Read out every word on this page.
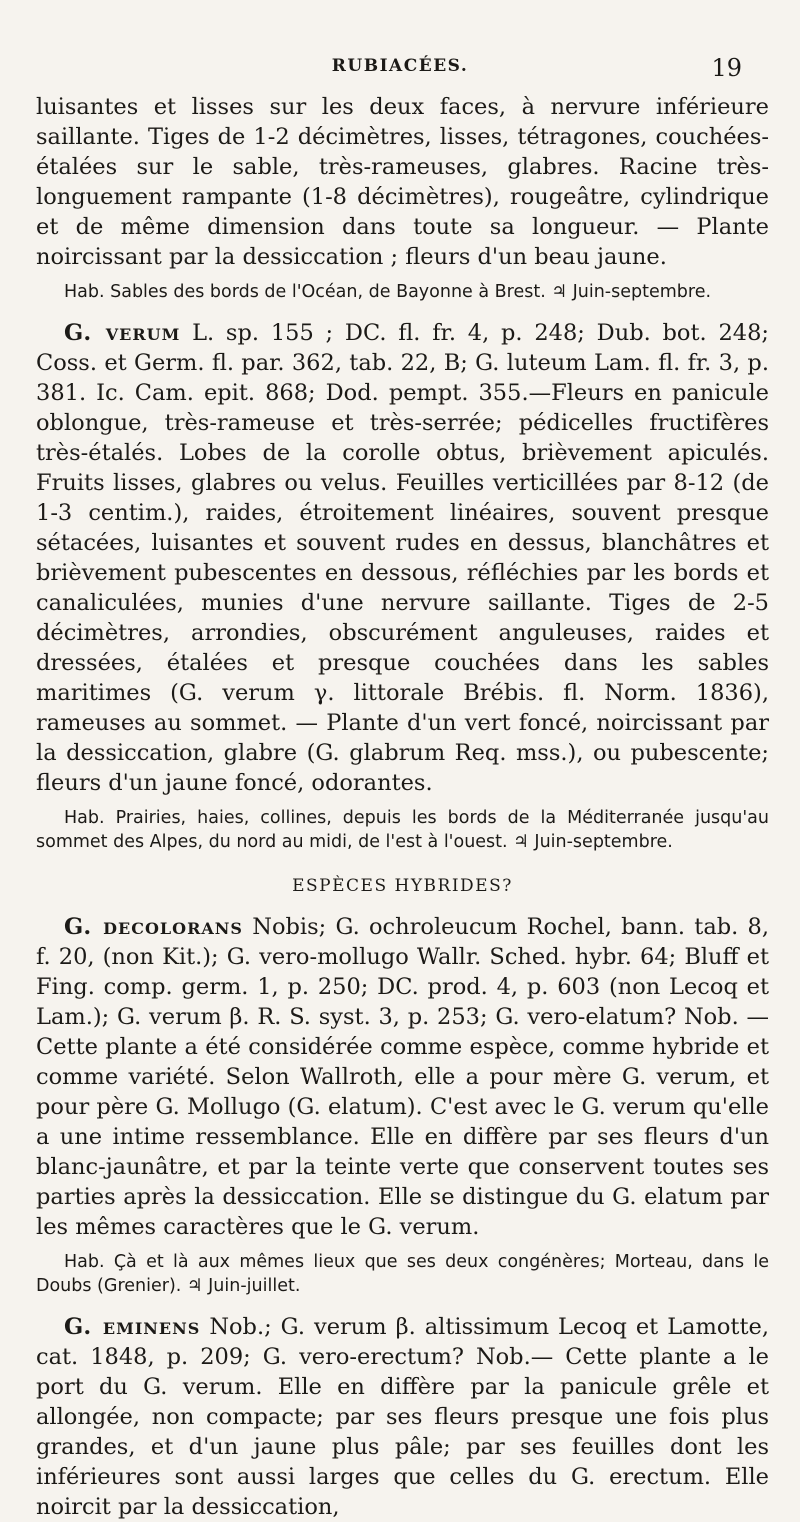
RUBIACÉES.	19

luisantes et lisses sur les deux faces, à nervure inférieure saillante. Tiges de 1-2 décimètres, lisses, tétragones, couchées-étalées sur le sable, très-rameuses, glabres. Racine très-longuement rampante (1-8 décimètres), rougeâtre, cylindrique et de même dimension dans toute sa longueur. — Plante noircissant par la dessiccation ; fleurs d'un beau jaune.

Hab. Sables des bords de l'Océan, de Bayonne à Brest. ♃ Juin-septembre.

G. verum L. sp. 155 ; DC. fl. fr. 4, p. 248; Dub. bot. 248; Coss. et Germ. fl. par. 362, tab. 22, B; G. luteum Lam. fl. fr. 3, p. 381. Ic. Cam. epit. 868; Dod. pempt. 355.—Fleurs en panicule oblongue, très-rameuse et très-serrée; pédicelles fructifères très-étalés. Lobes de la corolle obtus, brièvement apiculés. Fruits lisses, glabres ou velus. Feuilles verticillées par 8-12 (de 1-3 centim.), raides, étroitement linéaires, souvent presque sétacées, luisantes et souvent rudes en dessus, blanchâtres et brièvement pubescentes en dessous, réfléchies par les bords et canaliculées, munies d'une nervure saillante. Tiges de 2-5 décimètres, arrondies, obscurément anguleuses, raides et dressées, étalées et presque couchées dans les sables maritimes (G. verum γ. littorale Brébis. fl. Norm. 1836), rameuses au sommet. — Plante d'un vert foncé, noircissant par la dessiccation, glabre (G. glabrum Req. mss.), ou pubescente; fleurs d'un jaune foncé, odorantes.

Hab. Prairies, haies, collines, depuis les bords de la Méditerranée jusqu'au sommet des Alpes, du nord au midi, de l'est à l'ouest. ♃ Juin-septembre.

ESPÈCES HYBRIDES?

G. decolorans Nobis; G. ochroleucum Rochel, bann. tab. 8, f. 20, (non Kit.); G. vero-mollugo Wallr. Sched. hybr. 64; Bluff et Fing. comp. germ. 1, p. 250; DC. prod. 4, p. 603 (non Lecoq et Lam.); G. verum β. R. S. syst. 3, p. 253; G. vero-elatum? Nob. — Cette plante a été considérée comme espèce, comme hybride et comme variété. Selon Wallroth, elle a pour mère G. verum, et pour père G. Mollugo (G. elatum). C'est avec le G. verum qu'elle a une intime ressemblance. Elle en diffère par ses fleurs d'un blanc-jaunâtre, et par la teinte verte que conservent toutes ses parties après la dessiccation. Elle se distingue du G. elatum par les mêmes caractères que le G. verum.

Hab. Çà et là aux mêmes lieux que ses deux congénères; Morteau, dans le Doubs (Grenier). ♃ Juin-juillet.

G. eminens Nob.; G. verum β. altissimum Lecoq et Lamotte, cat. 1848, p. 209; G. vero-erectum? Nob.— Cette plante a le port du G. verum. Elle en diffère par la panicule grêle et allongée, non compacte; par ses fleurs presque une fois plus grandes, et d'un jaune plus pâle; par ses feuilles dont les inférieures sont aussi larges que celles du G. erectum. Elle noircit par la dessiccation,
